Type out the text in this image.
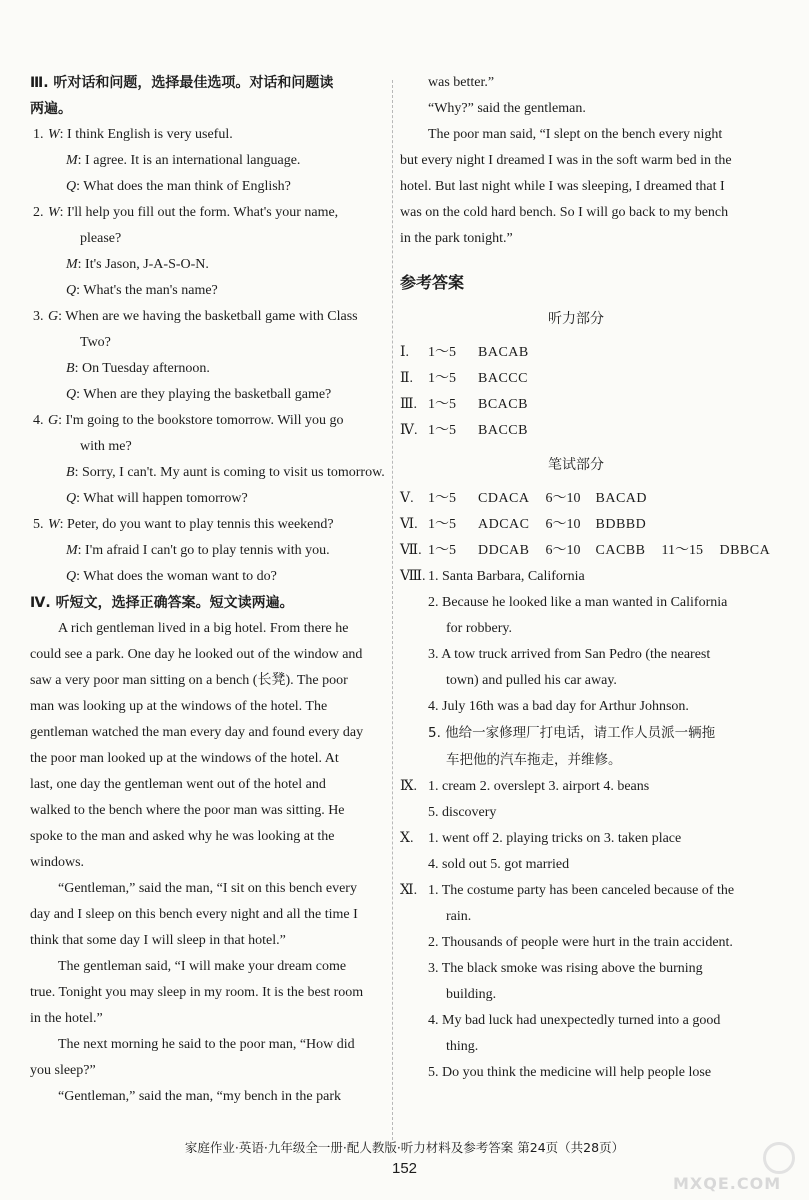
Ⅲ. 听对话和问题，选择最佳选项。对话和问题读

两遍。

1. W: I think English is very useful.
M: I agree. It is an international language.
Q: What does the man think of English?
2. W: I'll help you fill out the form. What's your name,
please?
M: It's Jason, J-A-S-O-N.
Q: What's the man's name?
3. G: When are we having the basketball game with Class
Two?
B: On Tuesday afternoon.
Q: When are they playing the basketball game?
4. G: I'm going to the bookstore tomorrow. Will you go
with me?
B: Sorry, I can't. My aunt is coming to visit us tomorrow.
Q: What will happen tomorrow?
5. W: Peter, do you want to play tennis this weekend?
M: I'm afraid I can't go to play tennis with you.
Q: What does the woman want to do?

Ⅳ. 听短文，选择正确答案。短文读两遍。

A rich gentleman lived in a big hotel. From there he
could see a park. One day he looked out of the window and
saw a very poor man sitting on a bench (长凳). The poor
man was looking up at the windows of the hotel. The
gentleman watched the man every day and found every day
the poor man looked up at the windows of the hotel. At
last, one day the gentleman went out of the hotel and
walked to the bench where the poor man was sitting. He
spoke to the man and asked why he was looking at the
windows.
“Gentleman,” said the man, “I sit on this bench every
day and I sleep on this bench every night and all the time I
think that some day I will sleep in that hotel.”
The gentleman said, “I will make your dream come
true. Tonight you may sleep in my room. It is the best room
in the hotel.”
The next morning he said to the poor man, “How did
you sleep?”
“Gentleman,” said the man, “my bench in the park
was better.”
“Why?” said the gentleman.
The poor man said, “I slept on the bench every night
but every night I dreamed I was in the soft warm bed in the
hotel. But last night while I was sleeping, I dreamed that I
was on the cold hard bench. So I will go back to my bench
in the park tonight.”
参考答案
听力部分
Ⅰ. 1～5 BACAB
Ⅱ. 1～5 BACCC
Ⅲ. 1～5 BCACB
Ⅳ. 1～5 BACCB
笔试部分
Ⅴ. 1～5 CDACA 6～10 BACAD
Ⅵ. 1～5 ADCAC 6～10 BDBBD
Ⅶ. 1～5 DDCAB 6～10 CACBB 11～15 DBBCA
Ⅷ. 1. Santa Barbara, California
2. Because he looked like a man wanted in California
for robbery.
3. A tow truck arrived from San Pedro (the nearest
town) and pulled his car away.
4. July 16th was a bad day for Arthur Johnson.
5. 他给一家修理厂打电话，请工作人员派一辆拖
车把他的汽车拖走，并维修。
Ⅸ. 1. cream 2. overslept 3. airport 4. beans
5. discovery
Ⅹ. 1. went off 2. playing tricks on 3. taken place
4. sold out 5. got married
Ⅺ. 1. The costume party has been canceled because of the
rain.
2. Thousands of people were hurt in the train accident.
3. The black smoke was rising above the burning
building.
4. My bad luck had unexpectedly turned into a good
thing.
5. Do you think the medicine will help people lose
家庭作业·英语·九年级全一册·配人教版·听力材料及参考答案 第24页（共28页）
152
MXQE.COM
